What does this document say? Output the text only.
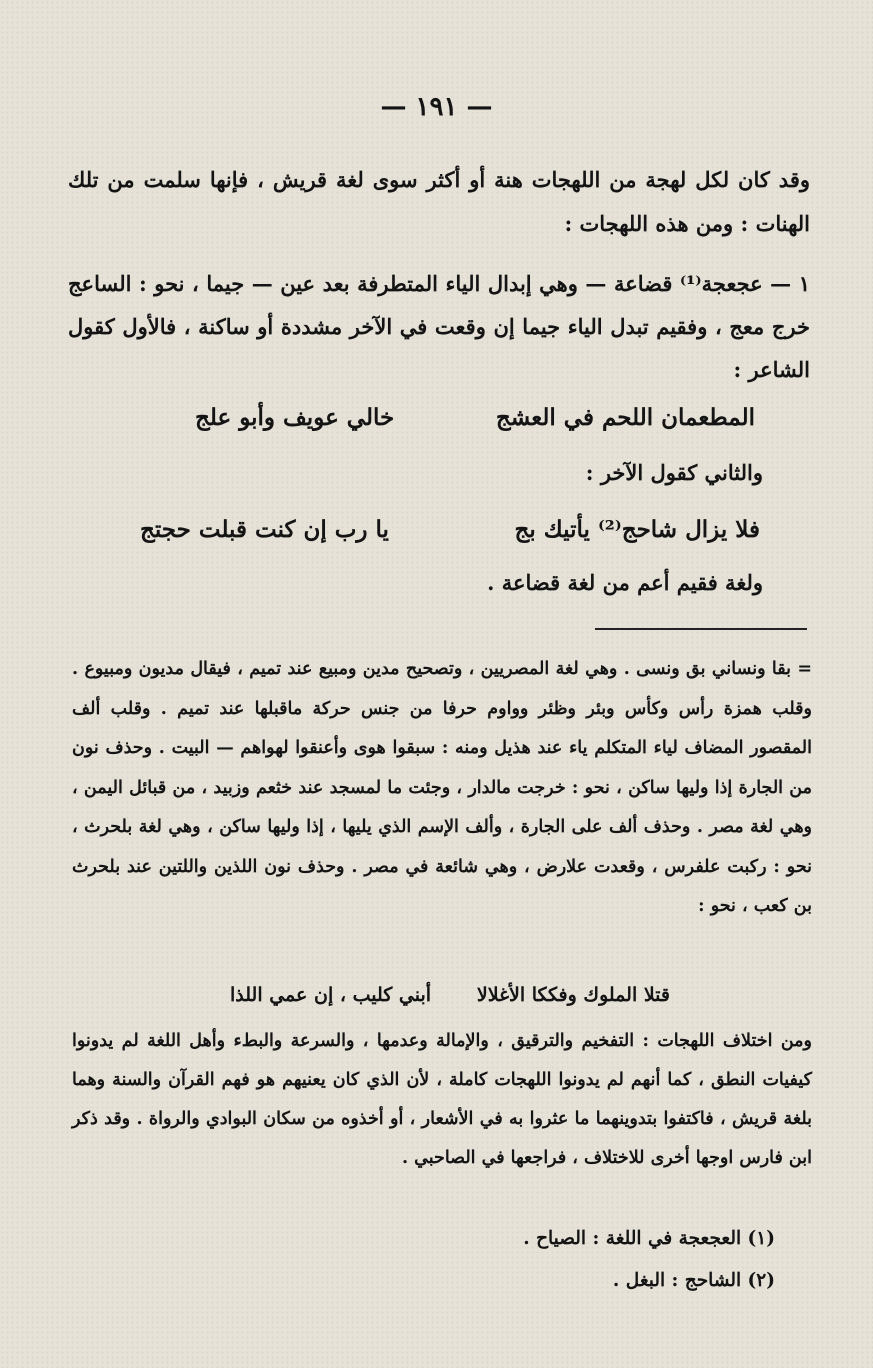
— ١٩١ —
وقد كان لكل لهجة من اللهجات هنة أو أكثر سوى لغة قريش ، فإنها سلمت من تلك الهنات : ومن هذه اللهجات :
١ — عجعجة⁽¹⁾ قضاعة — وهي إبدال الياء المتطرفة بعد عين — جيما ، نحو : الساعج خرج معج ، وفقيم تبدل الياء جيما إن وقعت في الآخر مشددة أو ساكنة ، فالأول كقول الشاعر :
خالي عويف وأبو علج	المطعمان اللحم في العشج
والثاني كقول الآخر :
يا رب إن كنت قبلت حجتج	فلا يزال شاحج⁽²⁾ يأتيك بج
ولغة فقيم أعم من لغة قضاعة .
= بقا ونساني بق ونسى . وهي لغة المصريين ، وتصحيح مدين ومبيع عند تميم ، فيقال مديون ومبيوع . وقلب همزة رأس وكأس وبئر وظئر وواوم حرفا من جنس حركة ماقبلها عند تميم . وقلب ألف المقصور المضاف لياء المتكلم ياء عند هذيل ومنه : سبقوا هوى وأعنقوا لهواهم — البيت . وحذف نون من الجارة إذا وليها ساكن ، نحو : خرجت مالدار ، وجئت ما لمسجد عند خثعم وزبيد ، من قبائل اليمن ، وهي لغة مصر . وحذف ألف على الجارة ، وألف الإسم الذي يليها ، إذا وليها ساكن ، وهي لغة بلحرث ، نحو : ركبت علفرس ، وقعدت علارض ، وهي شائعة في مصر . وحذف نون اللذين واللتين عند بلحرث بن كعب ، نحو :
أبني كليب ، إن عمي اللذا قتلا الملوك وفككا الأغلالا
ومن اختلاف اللهجات : التفخيم والترقيق ، والإمالة وعدمها ، والسرعة والبطء وأهل اللغة لم يدونوا كيفيات النطق ، كما أنهم لم يدونوا اللهجات كاملة ، لأن الذي كان يعنيهم هو فهم القرآن والسنة وهما بلغة قريش ، فاكتفوا بتدوينهما ما عثروا به في الأشعار ، أو أخذوه من سكان البوادي والرواة . وقد ذكر ابن فارس اوجها أخرى للاختلاف ، فراجعها في الصاحبي .
(١) العجعجة في اللغة : الصياح .
(٢) الشاحج : البغل .
